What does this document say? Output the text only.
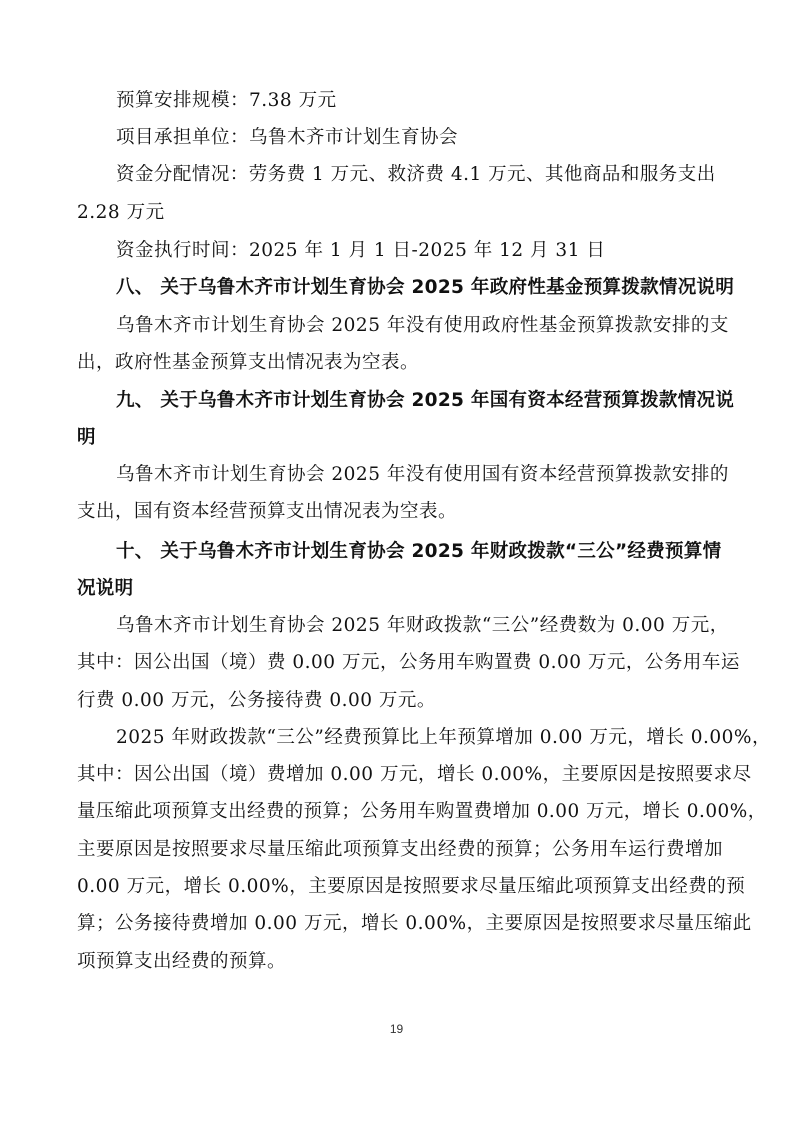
预算安排规模：7.38 万元
项目承担单位：乌鲁木齐市计划生育协会
资金分配情况：劳务费 1 万元、救济费 4.1 万元、其他商品和服务支出
2.28 万元
资金执行时间：2025 年 1 月 1 日-2025 年 12 月 31 日
八、 关于乌鲁木齐市计划生育协会 2025 年政府性基金预算拨款情况说明
乌鲁木齐市计划生育协会 2025 年没有使用政府性基金预算拨款安排的支
出，政府性基金预算支出情况表为空表。
九、 关于乌鲁木齐市计划生育协会 2025 年国有资本经营预算拨款情况说
明
乌鲁木齐市计划生育协会 2025 年没有使用国有资本经营预算拨款安排的
支出，国有资本经营预算支出情况表为空表。
十、 关于乌鲁木齐市计划生育协会 2025 年财政拨款“三公”经费预算情
况说明
乌鲁木齐市计划生育协会 2025 年财政拨款“三公”经费数为 0.00 万元，
其中：因公出国（境）费 0.00 万元，公务用车购置费 0.00 万元，公务用车运
行费 0.00 万元，公务接待费 0.00 万元。
2025 年财政拨款“三公”经费预算比上年预算增加 0.00 万元，增长 0.00%，
其中：因公出国（境）费增加 0.00 万元，增长 0.00%，主要原因是按照要求尽
量压缩此项预算支出经费的预算；公务用车购置费增加 0.00 万元，增长 0.00%，
主要原因是按照要求尽量压缩此项预算支出经费的预算；公务用车运行费增加
0.00 万元，增长 0.00%，主要原因是按照要求尽量压缩此项预算支出经费的预
算；公务接待费增加 0.00 万元，增长 0.00%，主要原因是按照要求尽量压缩此
项预算支出经费的预算。
19
